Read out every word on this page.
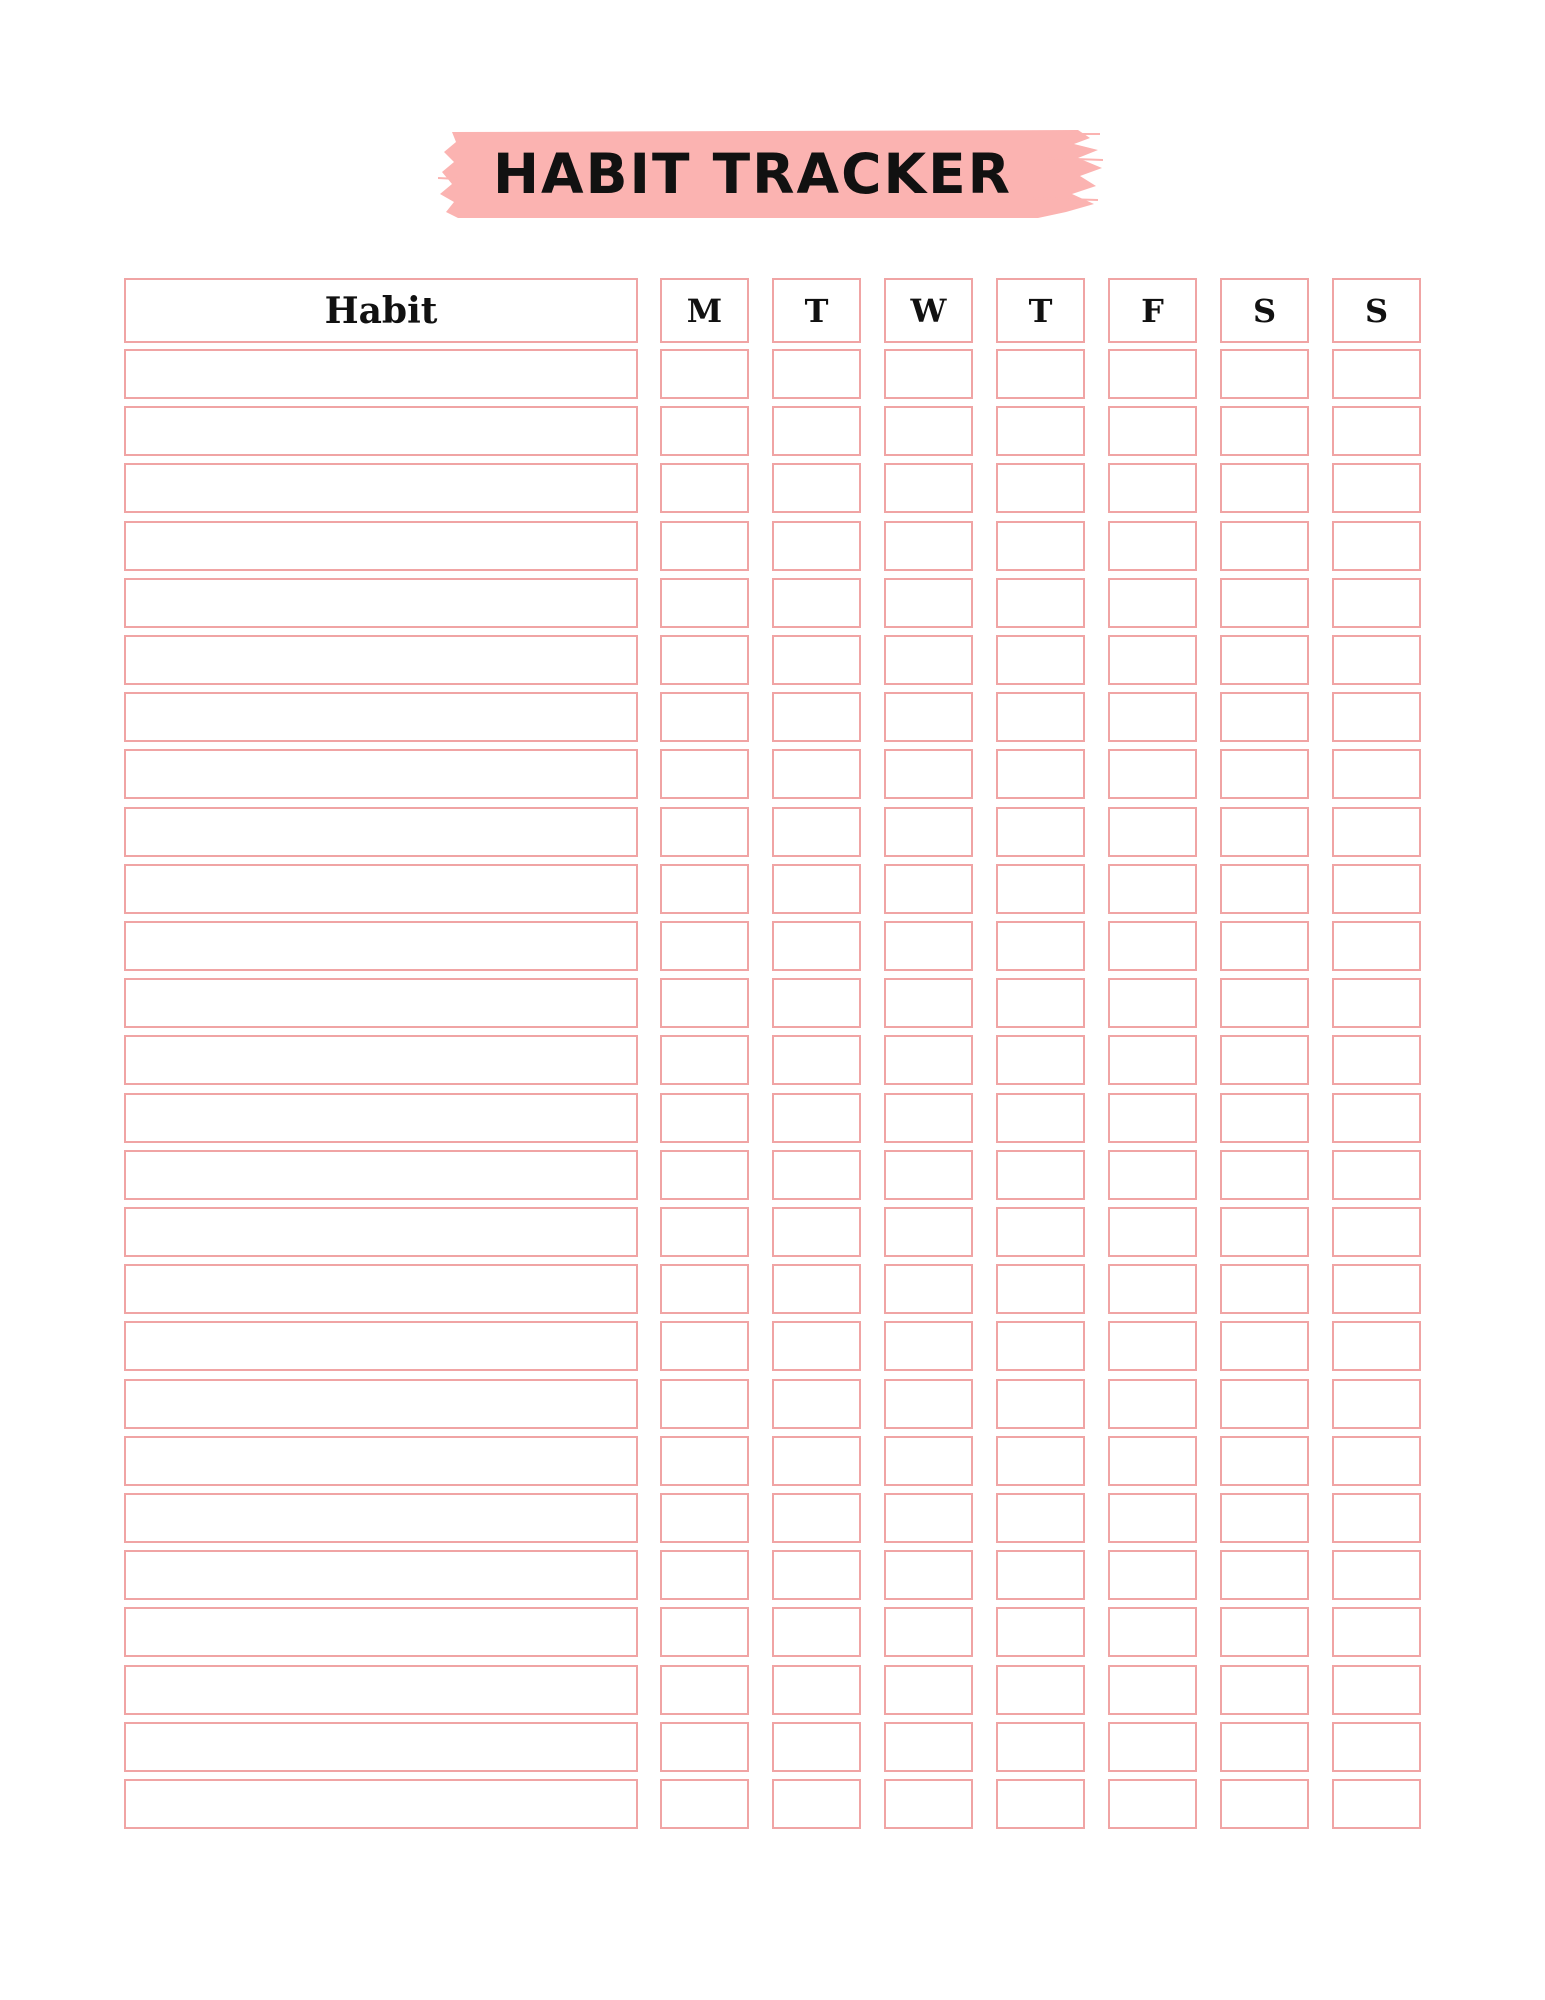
HABIT TRACKER
Habit	M	T	W	T	F	S	S
